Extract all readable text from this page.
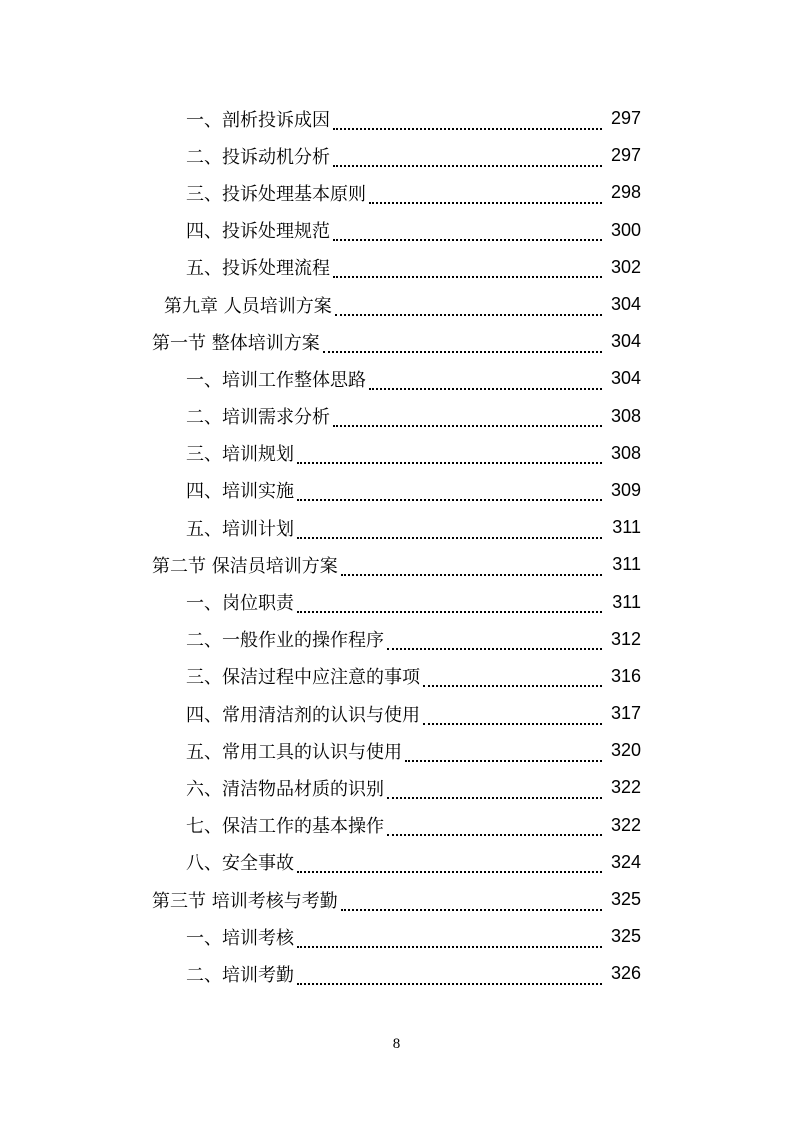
一、剖析投诉成因	297
二、投诉动机分析	297
三、投诉处理基本原则	298
四、投诉处理规范	300
五、投诉处理流程	302
第九章 人员培训方案	304
第一节 整体培训方案	304
一、培训工作整体思路	304
二、培训需求分析	308
三、培训规划	308
四、培训实施	309
五、培训计划	311
第二节 保洁员培训方案	311
一、岗位职责	311
二、一般作业的操作程序	312
三、保洁过程中应注意的事项	316
四、常用清洁剂的认识与使用	317
五、常用工具的认识与使用	320
六、清洁物品材质的识别	322
七、保洁工作的基本操作	322
八、安全事故	324
第三节 培训考核与考勤	325
一、培训考核	325
二、培训考勤	326
8
